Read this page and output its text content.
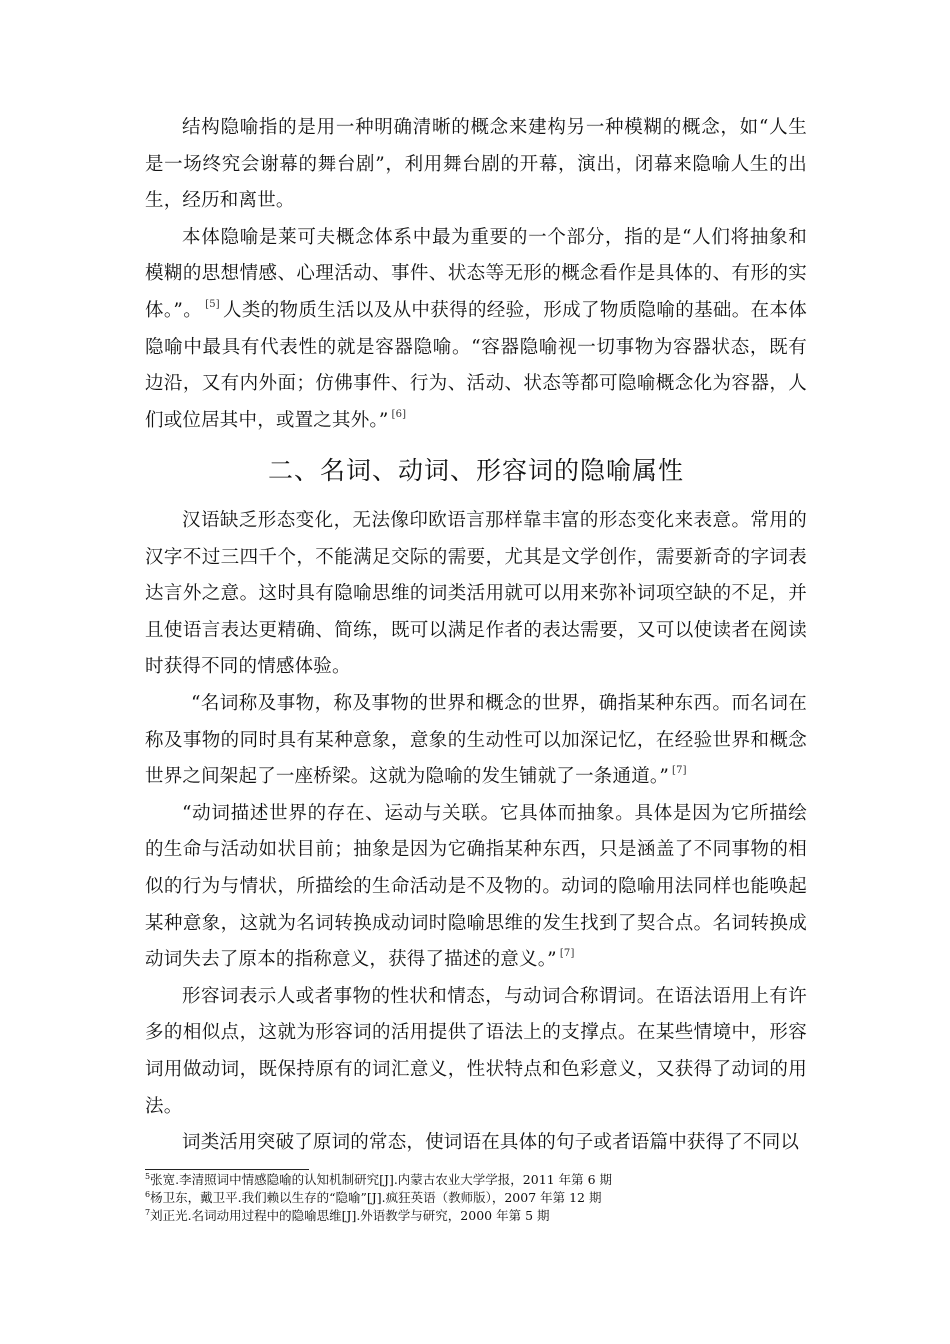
结构隐喻指的是用一种明确清晰的概念来建构另一种模糊的概念，如“人生是一场终究会谢幕的舞台剧”，利用舞台剧的开幕，演出，闭幕来隐喻人生的出生，经历和离世。

本体隐喻是莱可夫概念体系中最为重要的一个部分，指的是“人们将抽象和模糊的思想情感、心理活动、事件、状态等无形的概念看作是具体的、有形的实体。”。 [5] 人类的物质生活以及从中获得的经验，形成了物质隐喻的基础。在本体隐喻中最具有代表性的就是容器隐喻。“容器隐喻视一切事物为容器状态，既有边沿，又有内外面；仿佛事件、行为、活动、状态等都可隐喻概念化为容器，人们或位居其中，或置之其外。” [6]

二、名词、动词、形容词的隐喻属性

汉语缺乏形态变化，无法像印欧语言那样靠丰富的形态变化来表意。常用的汉字不过三四千个，不能满足交际的需要，尤其是文学创作，需要新奇的字词表达言外之意。这时具有隐喻思维的词类活用就可以用来弥补词项空缺的不足，并且使语言表达更精确、简练，既可以满足作者的表达需要，又可以使读者在阅读时获得不同的情感体验。

“名词称及事物，称及事物的世界和概念的世界，确指某种东西。而名词在称及事物的同时具有某种意象，意象的生动性可以加深记忆，在经验世界和概念世界之间架起了一座桥梁。这就为隐喻的发生铺就了一条通道。” [7]

“动词描述世界的存在、运动与关联。它具体而抽象。具体是因为它所描绘的生命与活动如状目前；抽象是因为它确指某种东西，只是涵盖了不同事物的相似的行为与情状，所描绘的生命活动是不及物的。动词的隐喻用法同样也能唤起某种意象，这就为名词转换成动词时隐喻思维的发生找到了契合点。名词转换成动词失去了原本的指称意义，获得了描述的意义。” [7]

形容词表示人或者事物的性状和情态，与动词合称谓词。在语法语用上有许多的相似点，这就为形容词的活用提供了语法上的支撑点。在某些情境中，形容词用做动词，既保持原有的词汇意义，性状特点和色彩意义，又获得了动词的用法。

词类活用突破了原词的常态，使词语在具体的句子或者语篇中获得了不同以

$^5$张宽.李清照词中情感隐喻的认知机制研究[J].内蒙古农业大学学报，2011 年第 6 期

$^6$杨卫东，戴卫平.我们赖以生存的“隐喻”[J].疯狂英语（教师版），2007 年第 12 期

$^7$刘正光.名词动用过程中的隐喻思维[J].外语教学与研究，2000 年第 5 期
